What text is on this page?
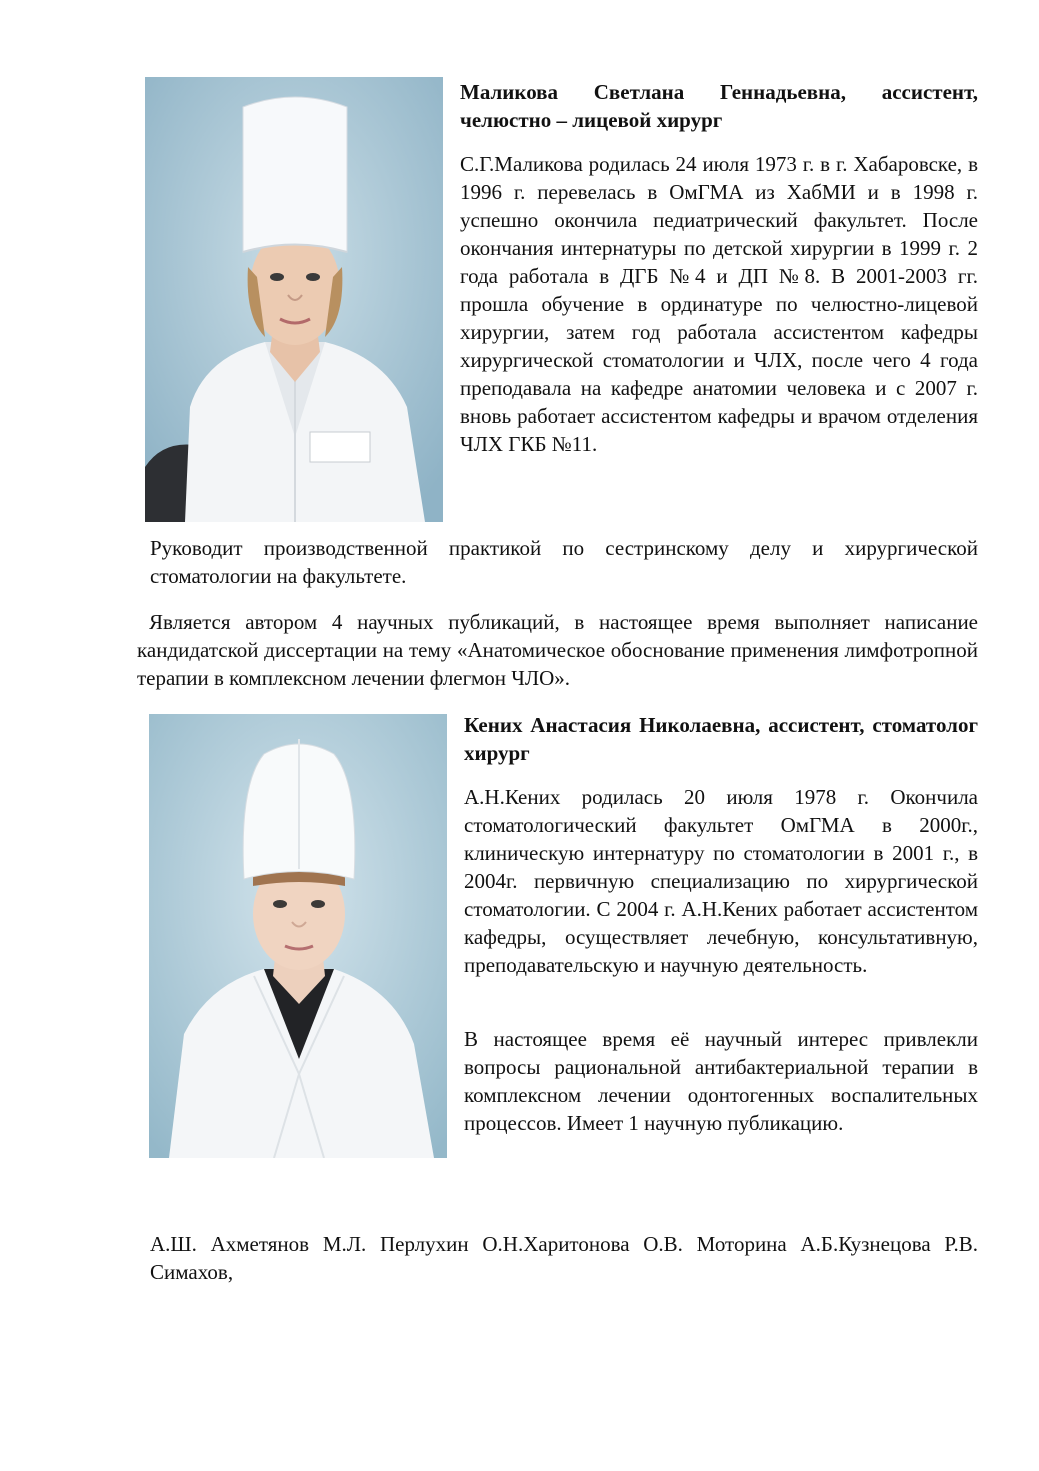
Маликова Светлана Геннадьевна, ассистент, челюстно – лицевой хирург
С.Г.Маликова родилась 24 июля 1973 г. в г. Хабаровске, в 1996 г. перевелась в ОмГМА из ХабМИ и в 1998 г. успешно окончила педиатрический факультет. После окончания интернатуры по детской хирургии в 1999 г. 2 года работала в ДГБ №4 и ДП №8. В 2001-2003 гг. прошла обучение в ординатуре по челюстно-лицевой хирургии, затем год работала ассистентом кафедры хирургической стоматологии и ЧЛХ, после чего 4 года преподавала на кафедре анатомии человека и с 2007 г. вновь работает ассистентом кафедры и врачом отделения ЧЛХ ГКБ №11.
Руководит производственной практикой по сестринскому делу и хирургической стоматологии на факультете.
Является автором 4 научных публикаций, в настоящее время выполняет написание кандидатской диссертации на тему «Анатомическое обоснование применения лимфотропной терапии в комплексном лечении флегмон ЧЛО».
Кених Анастасия Николаевна, ассистент, стоматолог хирург
А.Н.Кених родилась 20 июля 1978 г. Окончила стоматологический факультет ОмГМА в 2000г., клиническую интернатуру по стоматологии в 2001 г., в 2004г. первичную специализацию по хирургической стоматологии. С 2004 г. А.Н.Кених работает ассистентом кафедры, осуществляет лечебную, консультативную, преподавательскую и научную деятельность.
В настоящее время её научный интерес привлекли вопросы рациональной антибактериальной терапии в комплексном лечении одонтогенных воспалительных процессов. Имеет 1 научную публикацию.
А.Ш. Ахметянов М.Л. Перлухин О.Н.Харитонова О.В. Моторина А.Б.Кузнецова Р.В. Симахов,
